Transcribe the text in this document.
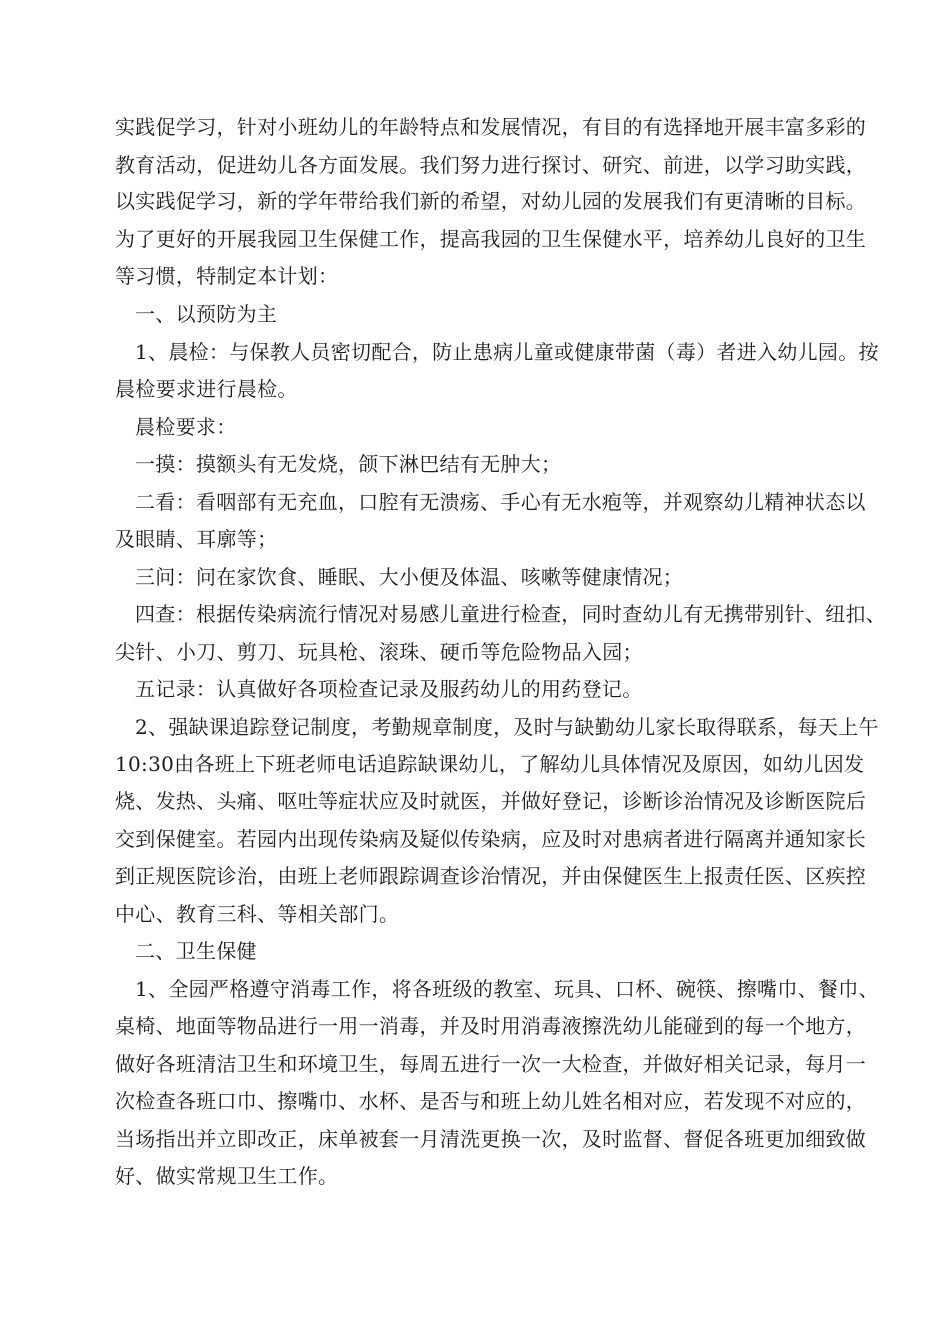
实践促学习，针对小班幼儿的年龄特点和发展情况，有目的有选择地开展丰富多彩的
教育活动，促进幼儿各方面发展。我们努力进行探讨、研究、前进，以学习助实践，
以实践促学习，新的学年带给我们新的希望，对幼儿园的发展我们有更清晰的目标。
为了更好的开展我园卫生保健工作，提高我园的卫生保健水平，培养幼儿良好的卫生
等习惯，特制定本计划：
一、以预防为主
1、晨检：与保教人员密切配合，防止患病儿童或健康带菌（毒）者进入幼儿园。按
晨检要求进行晨检。
晨检要求：
一摸：摸额头有无发烧，颌下淋巴结有无肿大；
二看：看咽部有无充血，口腔有无溃疡、手心有无水疱等，并观察幼儿精神状态以
及眼睛、耳廓等；
三问：问在家饮食、睡眠、大小便及体温、咳嗽等健康情况；
四查：根据传染病流行情况对易感儿童进行检查，同时查幼儿有无携带别针、纽扣、
尖针、小刀、剪刀、玩具枪、滚珠、硬币等危险物品入园；
五记录：认真做好各项检查记录及服药幼儿的用药登记。
2、强缺课追踪登记制度，考勤规章制度，及时与缺勤幼儿家长取得联系，每天上午
10:30由各班上下班老师电话追踪缺课幼儿，了解幼儿具体情况及原因，如幼儿因发
烧、发热、头痛、呕吐等症状应及时就医，并做好登记，诊断诊治情况及诊断医院后
交到保健室。若园内出现传染病及疑似传染病，应及时对患病者进行隔离并通知家长
到正规医院诊治，由班上老师跟踪调查诊治情况，并由保健医生上报责任医、区疾控
中心、教育三科、等相关部门。
二、卫生保健
1、全园严格遵守消毒工作，将各班级的教室、玩具、口杯、碗筷、擦嘴巾、餐巾、
桌椅、地面等物品进行一用一消毒，并及时用消毒液擦洗幼儿能碰到的每一个地方，
做好各班清洁卫生和环境卫生，每周五进行一次一大检查，并做好相关记录，每月一
次检查各班口巾、擦嘴巾、水杯、是否与和班上幼儿姓名相对应，若发现不对应的，
当场指出并立即改正，床单被套一月清洗更换一次，及时监督、督促各班更加细致做
好、做实常规卫生工作。
